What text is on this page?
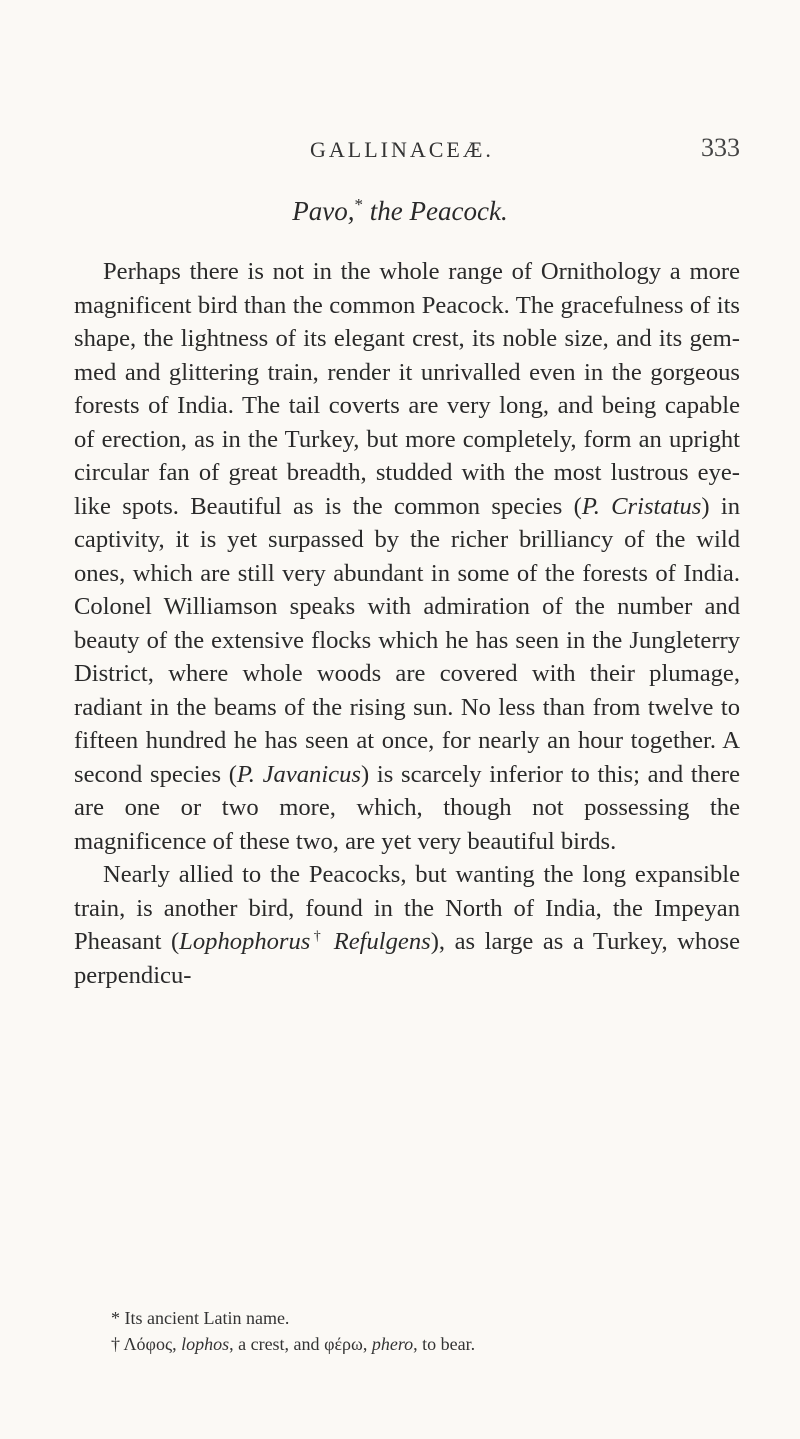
GALLINACEÆ.	333
Pavo,* the Peacock.
Perhaps there is not in the whole range of Ornithology a more magnificent bird than the common Peacock. The gracefulness of its shape, the lightness of its elegant crest, its noble size, and its gemmed and glittering train, render it unrivalled even in the gorgeous forests of India. The tail coverts are very long, and being capable of erection, as in the Turkey, but more completely, form an upright circular fan of great breadth, studded with the most lustrous eye-like spots. Beautiful as is the common species (P. Cristatus) in captivity, it is yet surpassed by the richer brilliancy of the wild ones, which are still very abundant in some of the forests of India. Colonel Williamson speaks with admiration of the number and beauty of the extensive flocks which he has seen in the Jungleterry District, where whole woods are covered with their plumage, radiant in the beams of the rising sun. No less than from twelve to fifteen hundred he has seen at once, for nearly an hour together. A second species (P. Javanicus) is scarcely inferior to this; and there are one or two more, which, though not possessing the magnificence of these two, are yet very beautiful birds.
Nearly allied to the Peacocks, but wanting the long expansible train, is another bird, found in the North of India, the Impeyan Pheasant (Lophophorus† Refulgens), as large as a Turkey, whose perpendicu-
* Its ancient Latin name.
† Λόφος, lophos, a crest, and φέρω, phero, to bear.
